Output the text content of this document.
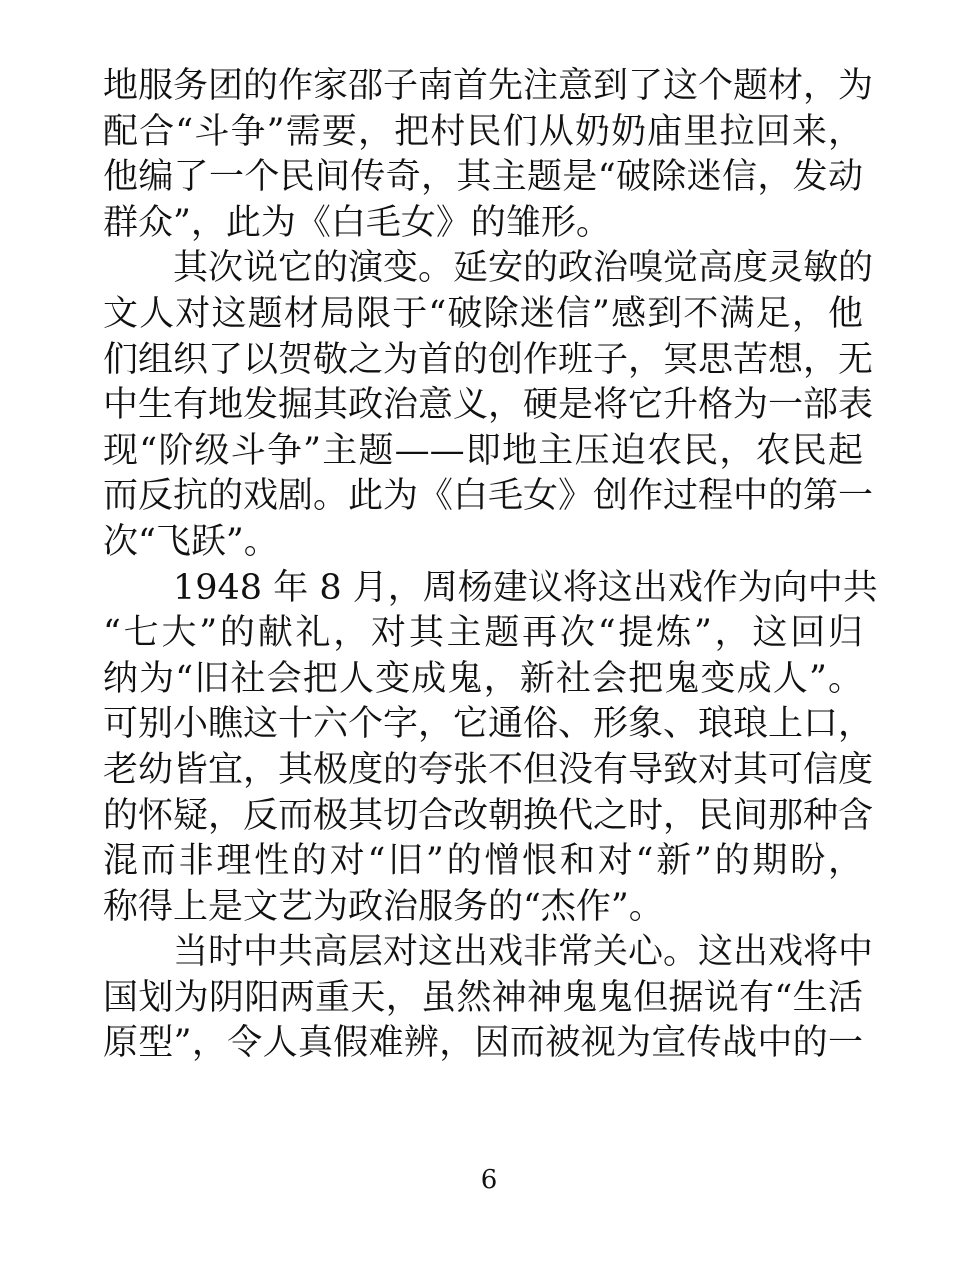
地服务团的作家邵子南首先注意到了这个题材，为
配合“斗争”需要，把村民们从奶奶庙里拉回来，
他编了一个民间传奇，其主题是“破除迷信，发动
群众”，此为《白毛女》的雏形。
其次说它的演变。延安的政治嗅觉高度灵敏的
文人对这题材局限于“破除迷信”感到不满足，他
们组织了以贺敬之为首的创作班子，冥思苦想，无
中生有地发掘其政治意义，硬是将它升格为一部表
现“阶级斗争”主题——即地主压迫农民，农民起
而反抗的戏剧。此为《白毛女》创作过程中的第一
次“飞跃”。
1948 年 8 月，周杨建议将这出戏作为向中共
“七大”的献礼，对其主题再次“提炼”，这回归
纳为“旧社会把人变成鬼，新社会把鬼变成人”。
可别小瞧这十六个字，它通俗、形象、琅琅上口，
老幼皆宜，其极度的夸张不但没有导致对其可信度
的怀疑，反而极其切合改朝换代之时，民间那种含
混而非理性的对“旧”的憎恨和对“新”的期盼，
称得上是文艺为政治服务的“杰作”。
当时中共高层对这出戏非常关心。这出戏将中
国划为阴阳两重天，虽然神神鬼鬼但据说有“生活
原型”，令人真假难辨，因而被视为宣传战中的一
6
